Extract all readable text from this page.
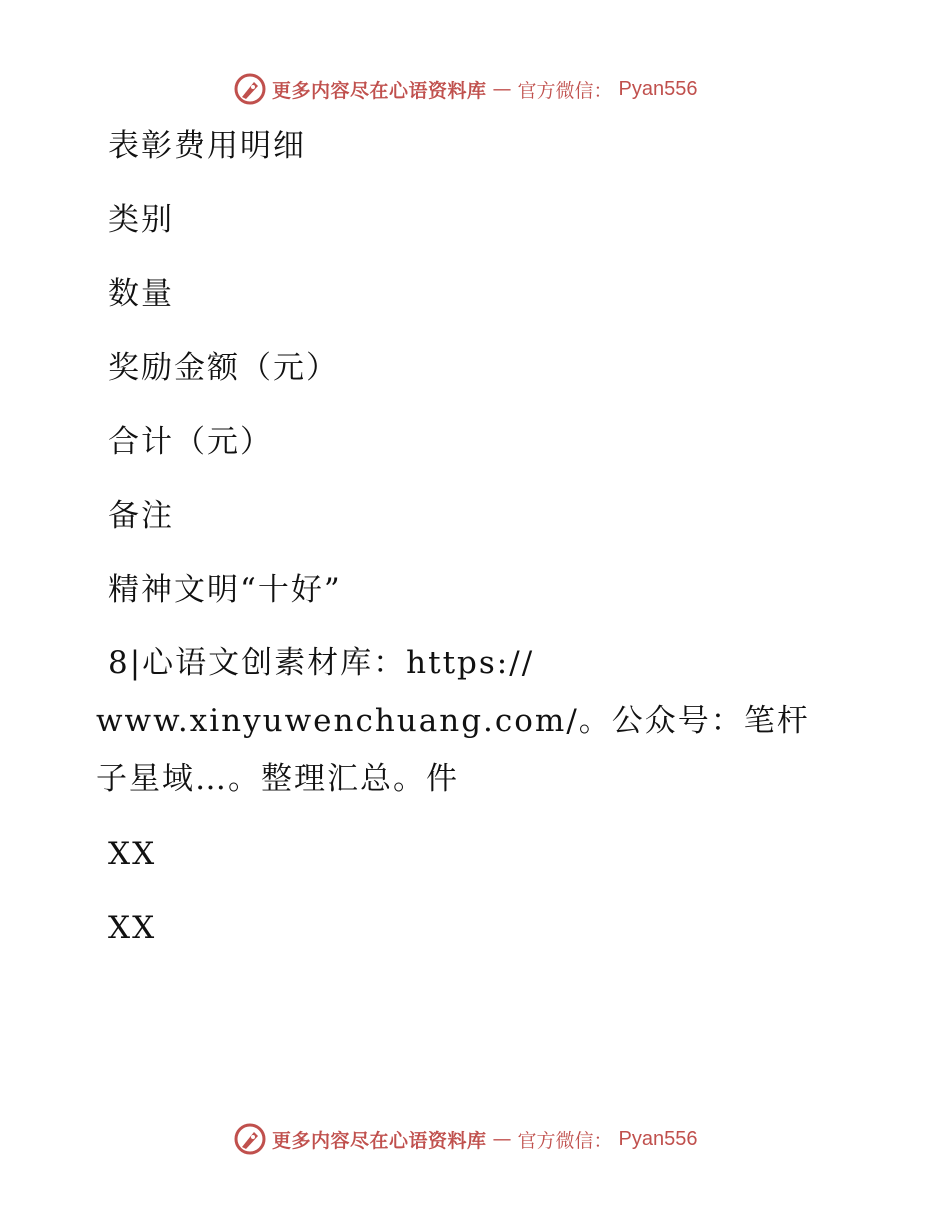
更多内容尽在心语资料库 — 官方微信： Pyan556
表彰费用明细
类别
数量
奖励金额（元）
合计（元）
备注
精神文明“十好”
8|心语文创素材库：https://
www.xinyuwenchuang.com/。公众号：笔杆子星域…。整理汇总。件
XX
XX
更多内容尽在心语资料库 — 官方微信： Pyan556
